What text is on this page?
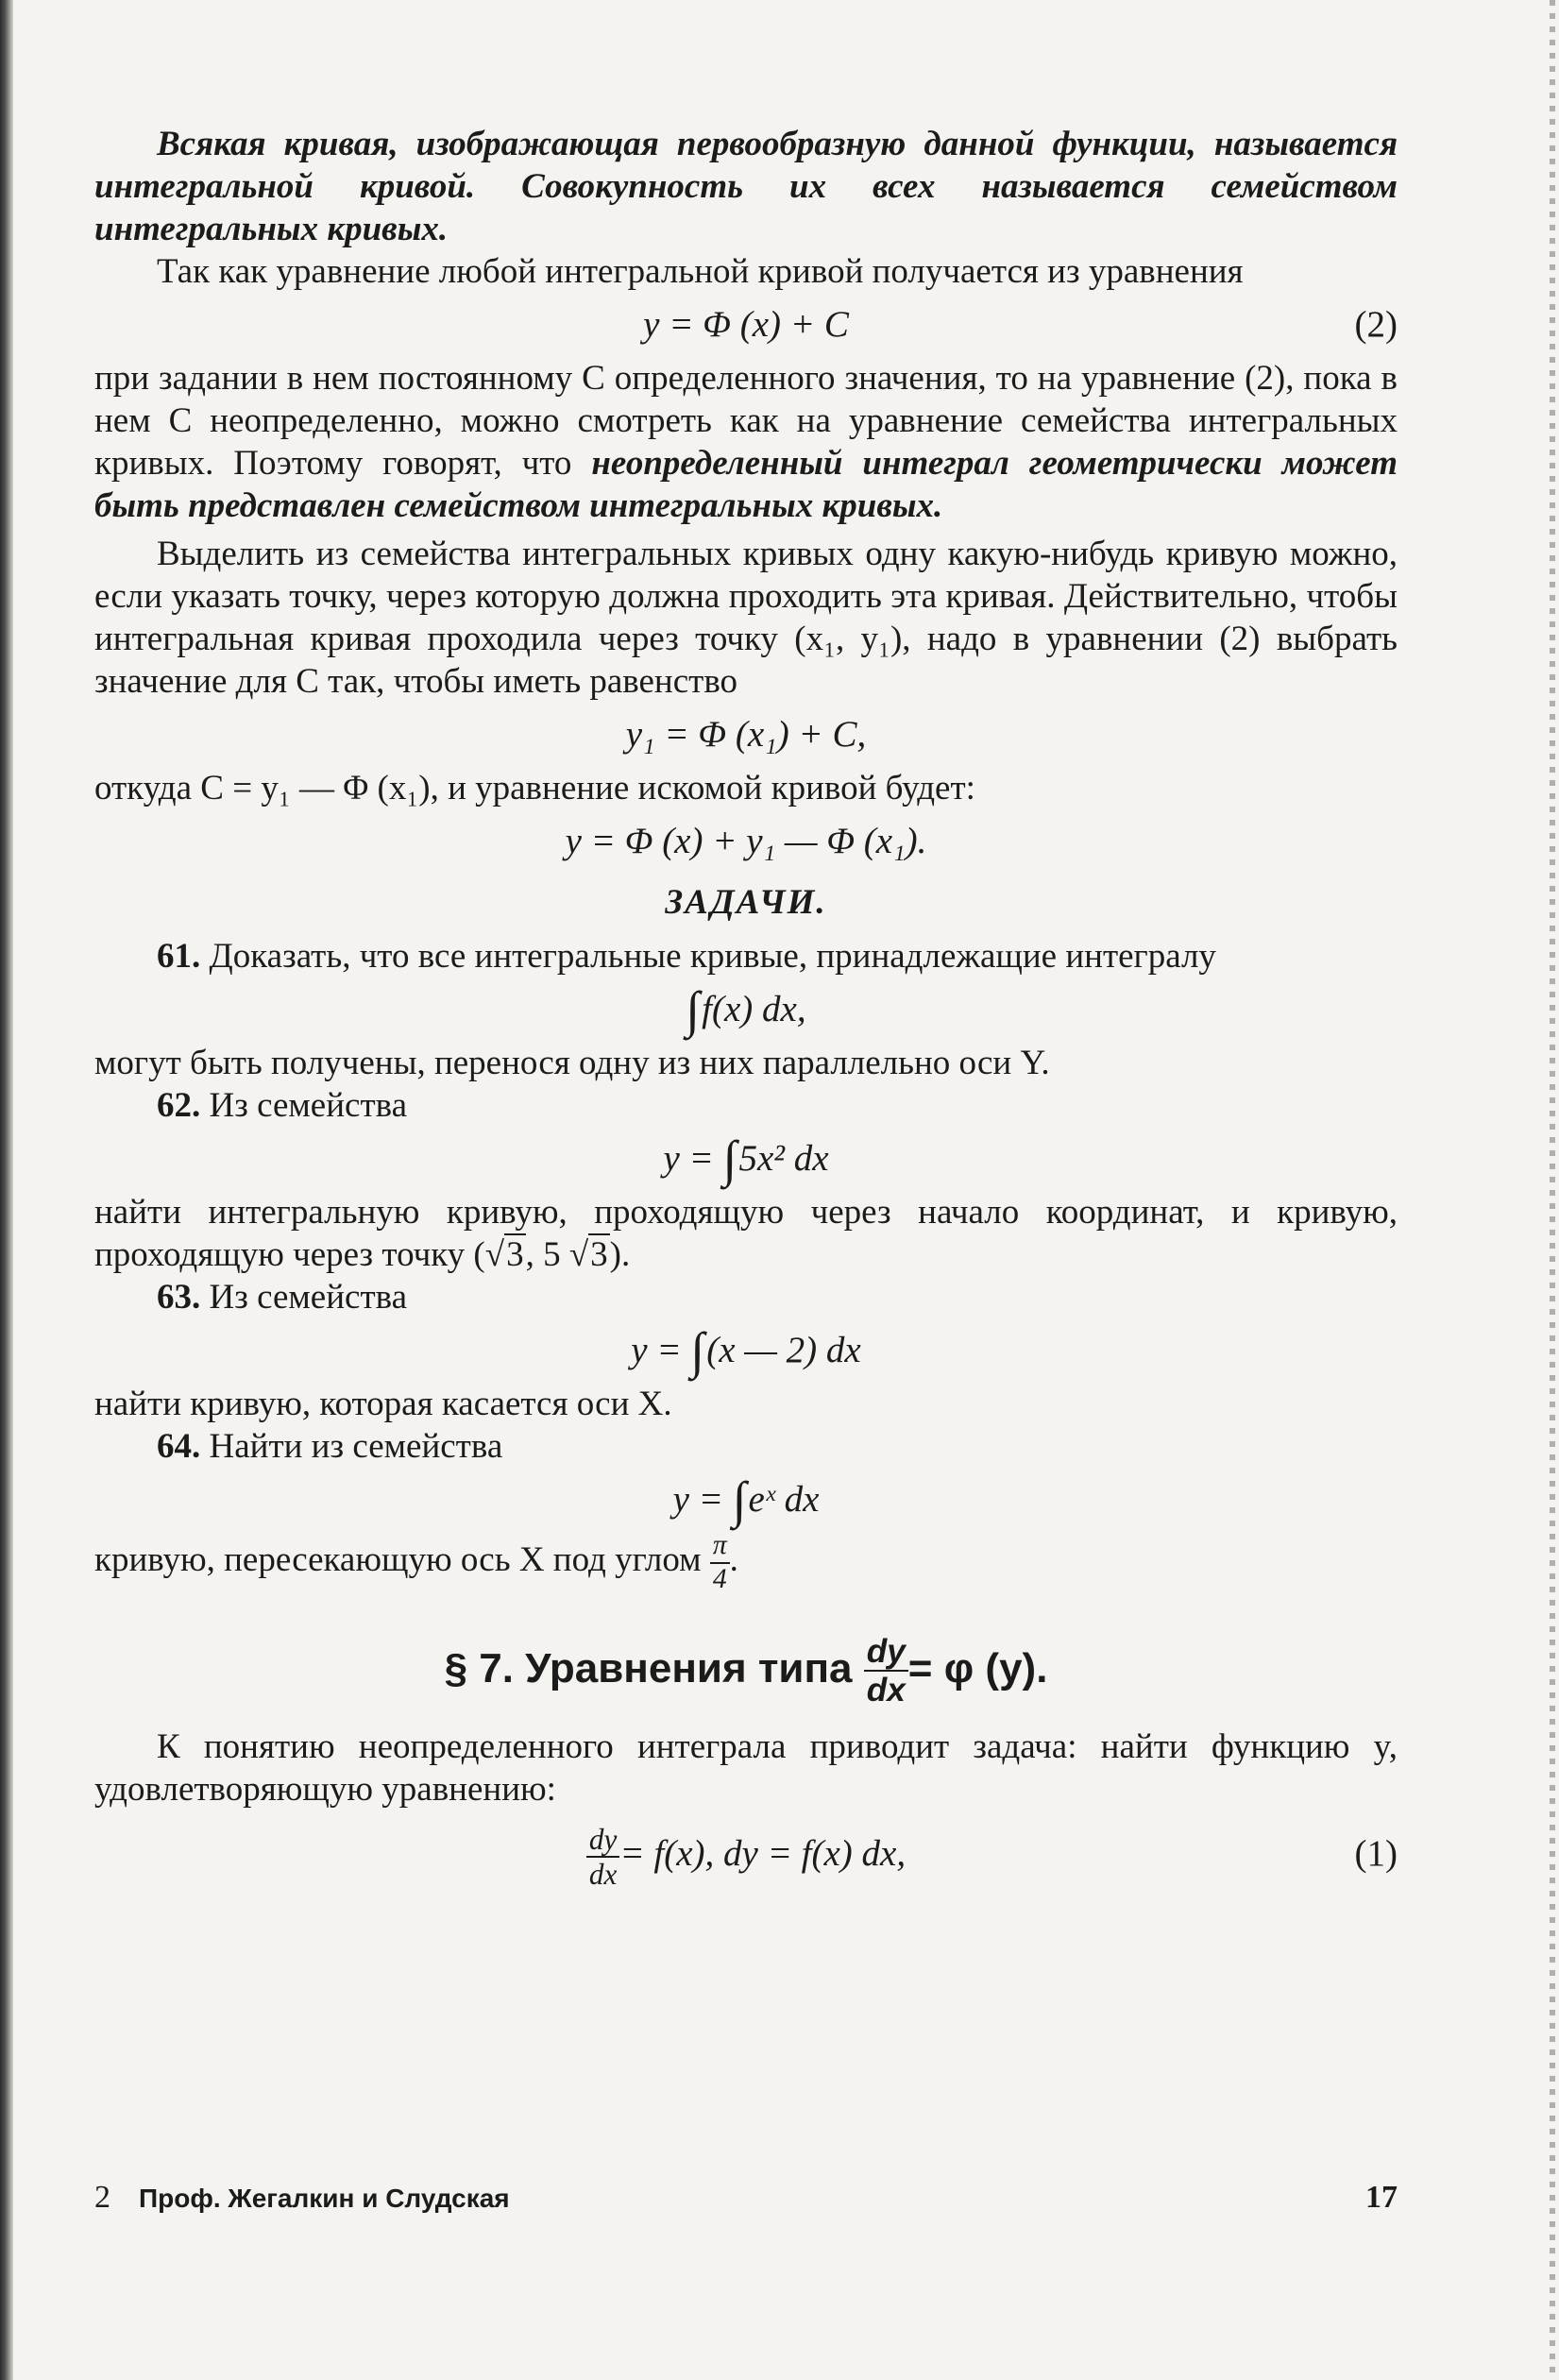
Всякая кривая, изображающая первообразную данной функции, называется интегральной кривой. Совокупность их всех называется семейством интегральных кривых.

Так как уравнение любой интегральной кривой получается из уравнения

y = Φ (x) + C	(2)

при задании в нем постоянному C определенного значения, то на уравнение (2), пока в нем C неопределенно, можно смотреть как на уравнение семейства интегральных кривых. Поэтому говорят, что неопределенный интеграл геометрически может быть представлен семейством интегральных кривых.

Выделить из семейства интегральных кривых одну какую-нибудь кривую можно, если указать точку, через которую должна проходить эта кривая. Действительно, чтобы интегральная кривая проходила через точку (x₁, y₁), надо в уравнении (2) выбрать значение для C так, чтобы иметь равенство

y₁ = Φ (x₁) + C,

откуда C = y₁ — Φ (x₁), и уравнение искомой кривой будет:

y = Φ (x) + y₁ — Φ (x₁).
ЗАДАЧИ.

61. Доказать, что все интегральные кривые, принадлежащие интегралу

∫f(x) dx,

могут быть получены, перенося одну из них параллельно оси Y.

62. Из семейства

y = ∫5x² dx

найти интегральную кривую, проходящую через начало координат, и кривую, проходящую через точку (√3, 5 √3).

63. Из семейства

y = ∫(x — 2) dx

найти кривую, которая касается оси X.

64. Найти из семейства

y = ∫eˣ dx

кривую, пересекающую ось X под углом $\frac{\pi}{4}$ .

§ 7. Уравнения типа $\frac{dy}{dx} = \varphi$ (y).

К понятию неопределенного интеграла приводит задача: найти функцию y, удовлетворяющую уравнению:

$\frac{dy}{dx} = f(x)$, dy = f(x) dx,	(1)
2 Проф. Жегалкин и Слудская	17
